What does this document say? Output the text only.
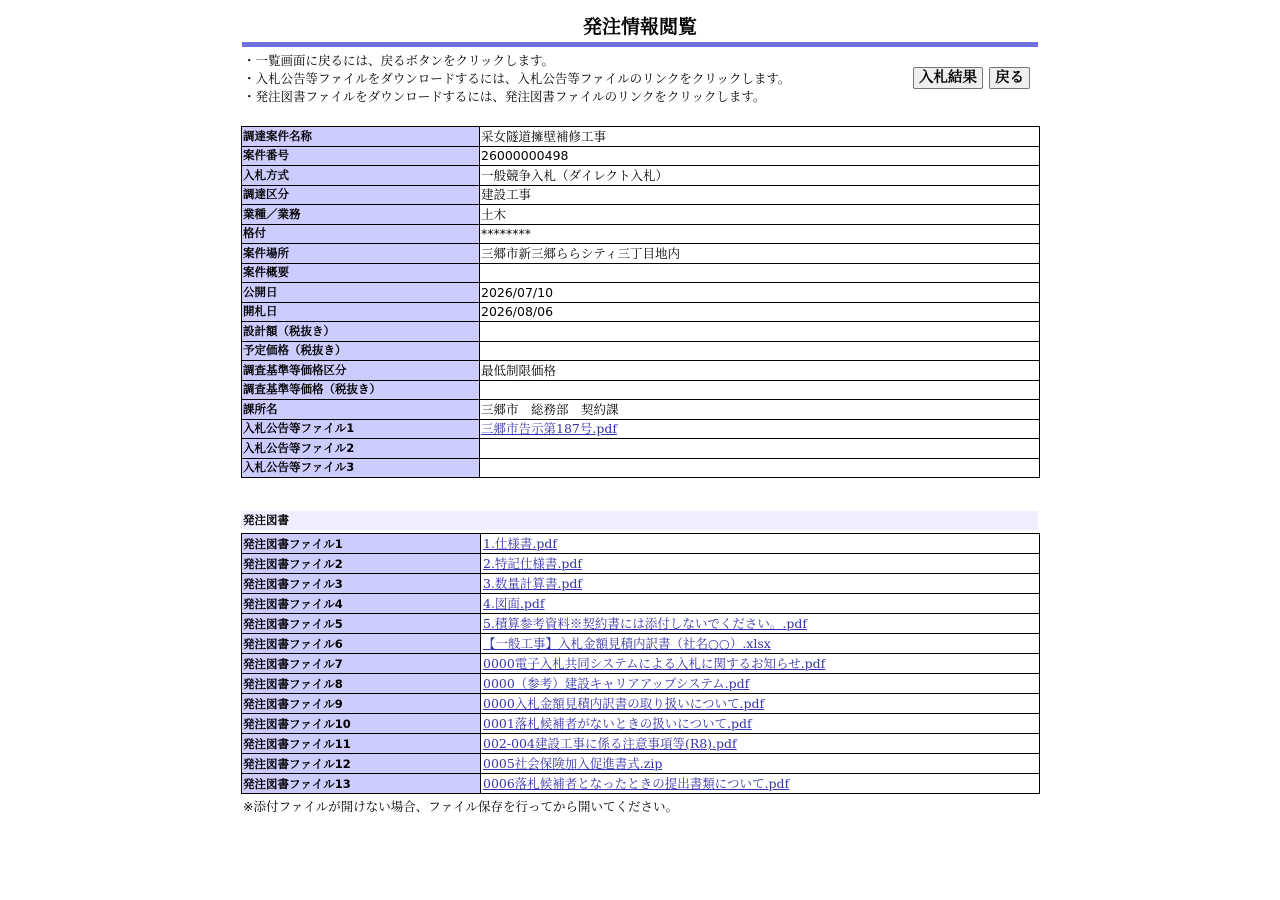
発注情報閲覧
・一覧画面に戻るには、戻るボタンをクリックします。
・入札公告等ファイルをダウンロードするには、入札公告等ファイルのリンクをクリックします。
・発注図書ファイルをダウンロードするには、発注図書ファイルのリンクをクリックします。
入札結果 戻る
調達案件名称	采女隧道擁壁補修工事
案件番号	26000000498
入札方式	一般競争入札（ダイレクト入札）
調達区分	建設工事
業種／業務	土木
格付	********
案件場所	三郷市新三郷ららシティ三丁目地内
案件概要	
公開日	2026/07/10
開札日	2026/08/06
設計額（税抜き）	
予定価格（税抜き）	
調査基準等価格区分	最低制限価格
調査基準等価格（税抜き）	
課所名	三郷市　総務部　契約課
入札公告等ファイル1	三郷市告示第187号.pdf
入札公告等ファイル2	
入札公告等ファイル3	
発注図書
発注図書ファイル1	1.仕様書.pdf
発注図書ファイル2	2.特記仕様書.pdf
発注図書ファイル3	3.数量計算書.pdf
発注図書ファイル4	4.図面.pdf
発注図書ファイル5	5.積算参考資料※契約書には添付しないでください。.pdf
発注図書ファイル6	【一般工事】入札金額見積内訳書（社名○○）.xlsx
発注図書ファイル7	0000電子入札共同システムによる入札に関するお知らせ.pdf
発注図書ファイル8	0000（参考）建設キャリアアップシステム.pdf
発注図書ファイル9	0000入札金額見積内訳書の取り扱いについて.pdf
発注図書ファイル10	0001落札候補者がないときの扱いについて.pdf
発注図書ファイル11	002-004建設工事に係る注意事項等(R8).pdf
発注図書ファイル12	0005社会保険加入促進書式.zip
発注図書ファイル13	0006落札候補者となったときの提出書類について.pdf
※添付ファイルが開けない場合、ファイル保存を行ってから開いてください。
